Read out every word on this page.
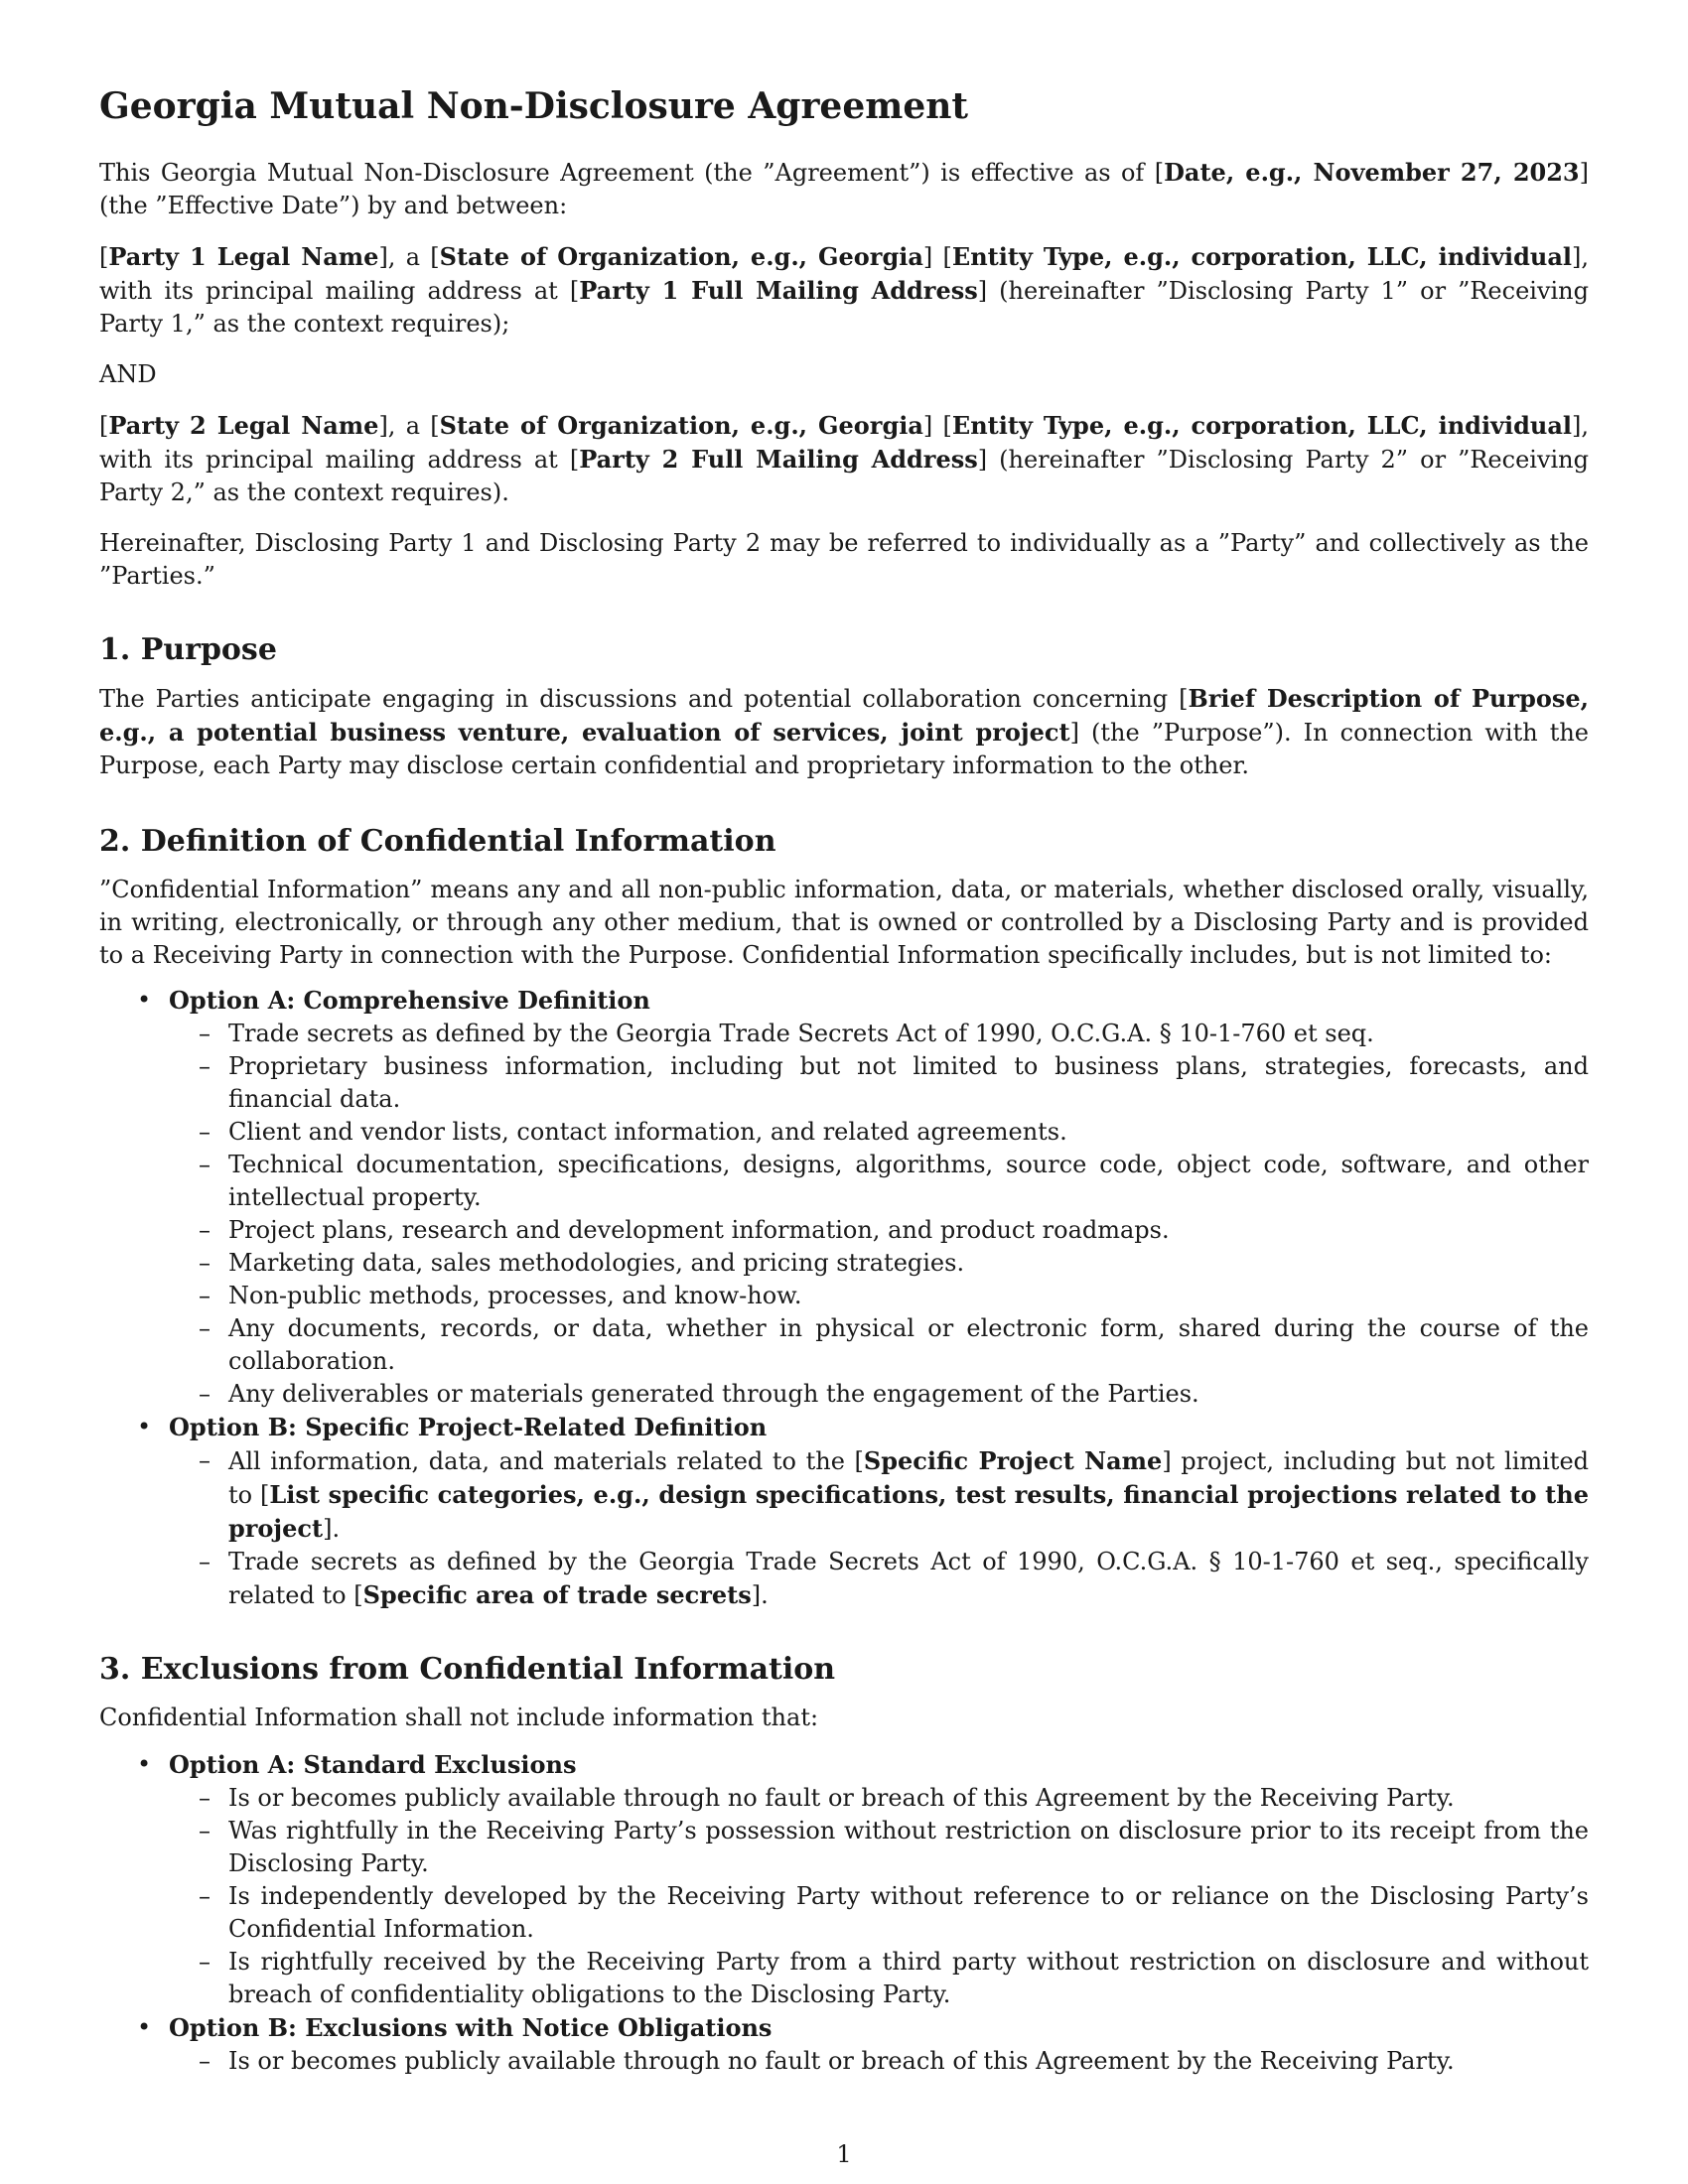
Georgia Mutual Non-Disclosure Agreement

This Georgia Mutual Non-Disclosure Agreement (the ”Agreement”) is effective as of [Date, e.g., November 27, 2023] (the ”Effective Date”) by and between:

[Party 1 Legal Name], a [State of Organization, e.g., Georgia] [Entity Type, e.g., corporation, LLC, individual], with its principal mailing address at [Party 1 Full Mailing Address] (hereinafter ”Disclosing Party 1” or ”Receiving Party 1,” as the context requires);

AND

[Party 2 Legal Name], a [State of Organization, e.g., Georgia] [Entity Type, e.g., corporation, LLC, individual], with its principal mailing address at [Party 2 Full Mailing Address] (hereinafter ”Disclosing Party 2” or ”Receiving Party 2,” as the context requires).

Hereinafter, Disclosing Party 1 and Disclosing Party 2 may be referred to individually as a ”Party” and collectively as the ”Parties.”

1. Purpose

The Parties anticipate engaging in discussions and potential collaboration concerning [Brief Description of Purpose, e.g., a potential business venture, evaluation of services, joint project] (the ”Purpose”). In connection with the Purpose, each Party may disclose certain confidential and proprietary information to the other.

2. Definition of Confidential Information

”Confidential Information” means any and all non-public information, data, or materials, whether disclosed orally, visually, in writing, electronically, or through any other medium, that is owned or controlled by a Disclosing Party and is provided to a Receiving Party in connection with the Purpose. Confidential Information specifically includes, but is not limited to:

• Option A: Comprehensive Definition
– Trade secrets as defined by the Georgia Trade Secrets Act of 1990, O.C.G.A. § 10-1-760 et seq.
– Proprietary business information, including but not limited to business plans, strategies, forecasts, and financial data.
– Client and vendor lists, contact information, and related agreements.
– Technical documentation, specifications, designs, algorithms, source code, object code, software, and other intellectual property.
– Project plans, research and development information, and product roadmaps.
– Marketing data, sales methodologies, and pricing strategies.
– Non-public methods, processes, and know-how.
– Any documents, records, or data, whether in physical or electronic form, shared during the course of the collaboration.
– Any deliverables or materials generated through the engagement of the Parties.
• Option B: Specific Project-Related Definition
– All information, data, and materials related to the [Specific Project Name] project, including but not limited to [List specific categories, e.g., design specifications, test results, financial projections related to the project].
– Trade secrets as defined by the Georgia Trade Secrets Act of 1990, O.C.G.A. § 10-1-760 et seq., specifically related to [Specific area of trade secrets].
3. Exclusions from Confidential Information

Confidential Information shall not include information that:

• Option A: Standard Exclusions
– Is or becomes publicly available through no fault or breach of this Agreement by the Receiving Party.
– Was rightfully in the Receiving Party’s possession without restriction on disclosure prior to its receipt from the Disclosing Party.
– Is independently developed by the Receiving Party without reference to or reliance on the Disclosing Party’s Confidential Information.
– Is rightfully received by the Receiving Party from a third party without restriction on disclosure and without breach of confidentiality obligations to the Disclosing Party.
• Option B: Exclusions with Notice Obligations
– Is or becomes publicly available through no fault or breach of this Agreement by the Receiving Party.
1
